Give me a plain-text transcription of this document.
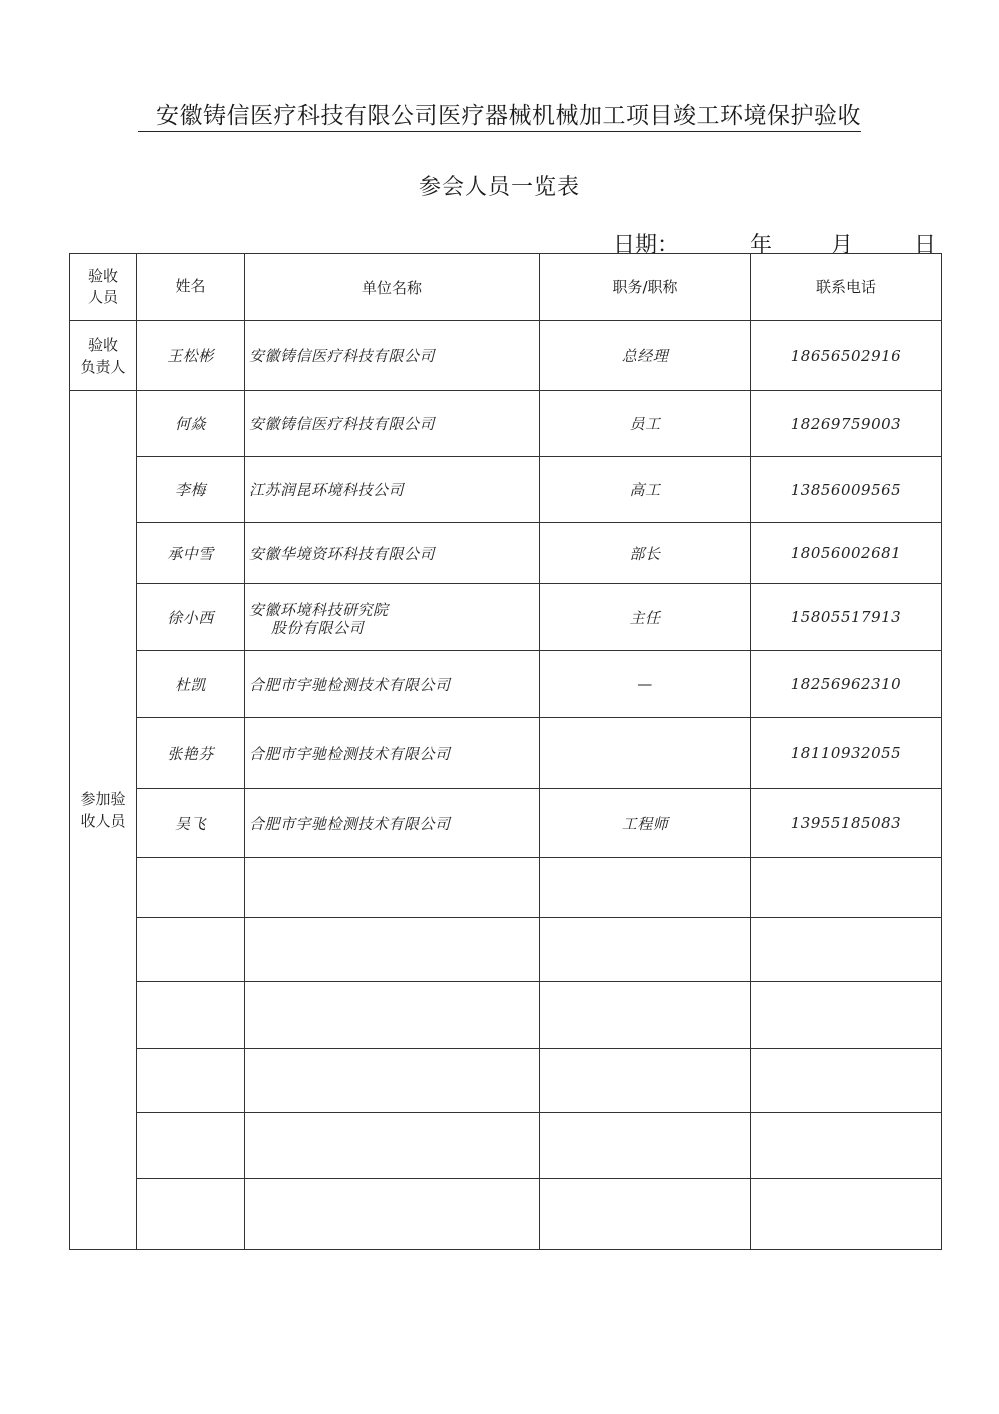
安徽铸信医疗科技有限公司医疗器械机械加工项目竣工环境保护验收
参会人员一览表
日期：	年	月	日
验收
人员	姓名	单位名称	职务/职称	联系电话
验收
负责人	王松彬	安徽铸信医疗科技有限公司	总经理	18656502916
参加验
收人员	何焱	安徽铸信医疗科技有限公司	员工	18269759003
	李梅	江苏润昆环境科技公司	高工	13856009565
	承中雪	安徽华境资环科技有限公司	部长	18056002681
	徐小西	安徽环境科技研究院
股份有限公司	主任	15805517913
	杜凯	合肥市宇驰检测技术有限公司	—	18256962310
	张艳芬	合肥市宇驰检测技术有限公司		18110932055
	吴飞	合肥市宇驰检测技术有限公司	工程师	13955185083
